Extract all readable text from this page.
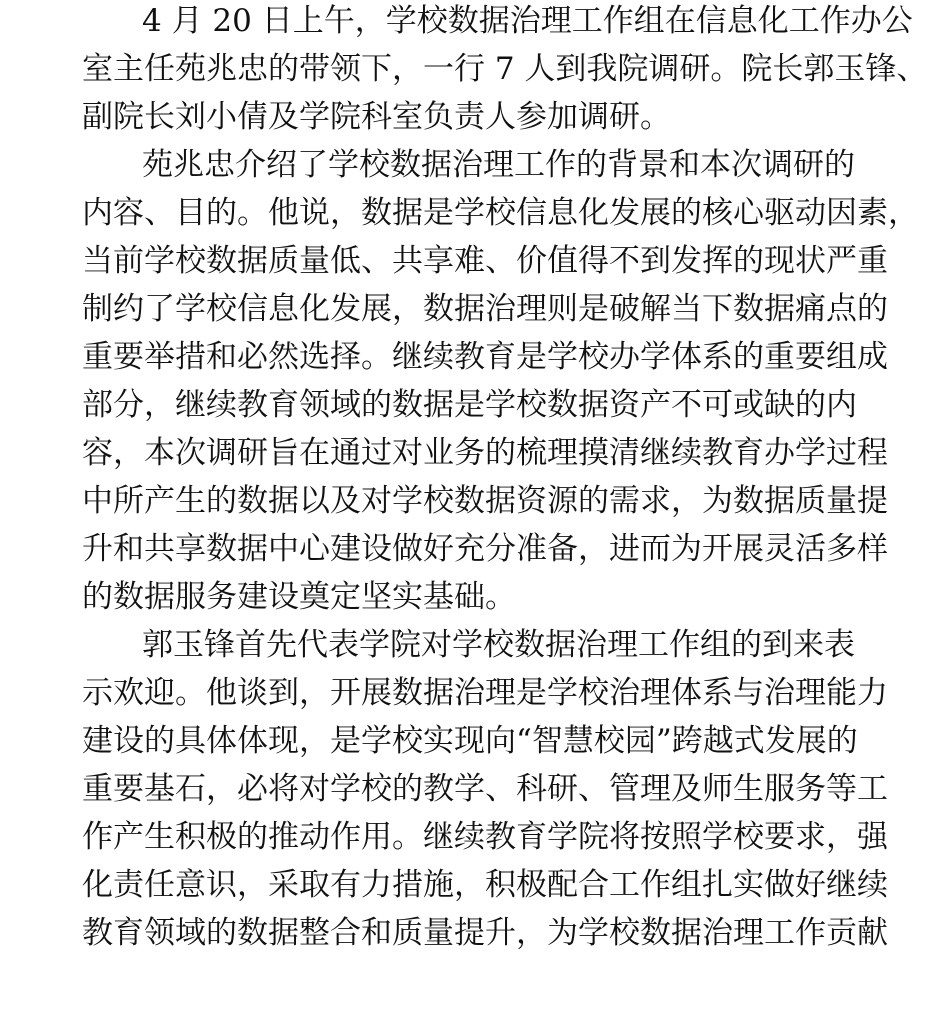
4 月 20 日上午，学校数据治理工作组在信息化工作办公
室主任苑兆忠的带领下，一行 7 人到我院调研。院长郭玉锋、
副院长刘小倩及学院科室负责人参加调研。
苑兆忠介绍了学校数据治理工作的背景和本次调研的
内容、目的。他说，数据是学校信息化发展的核心驱动因素，
当前学校数据质量低、共享难、价值得不到发挥的现状严重
制约了学校信息化发展，数据治理则是破解当下数据痛点的
重要举措和必然选择。继续教育是学校办学体系的重要组成
部分，继续教育领域的数据是学校数据资产不可或缺的内
容，本次调研旨在通过对业务的梳理摸清继续教育办学过程
中所产生的数据以及对学校数据资源的需求，为数据质量提
升和共享数据中心建设做好充分准备，进而为开展灵活多样
的数据服务建设奠定坚实基础。
郭玉锋首先代表学院对学校数据治理工作组的到来表
示欢迎。他谈到，开展数据治理是学校治理体系与治理能力
建设的具体体现，是学校实现向“智慧校园”跨越式发展的
重要基石，必将对学校的教学、科研、管理及师生服务等工
作产生积极的推动作用。继续教育学院将按照学校要求，强
化责任意识，采取有力措施，积极配合工作组扎实做好继续
教育领域的数据整合和质量提升，为学校数据治理工作贡献
